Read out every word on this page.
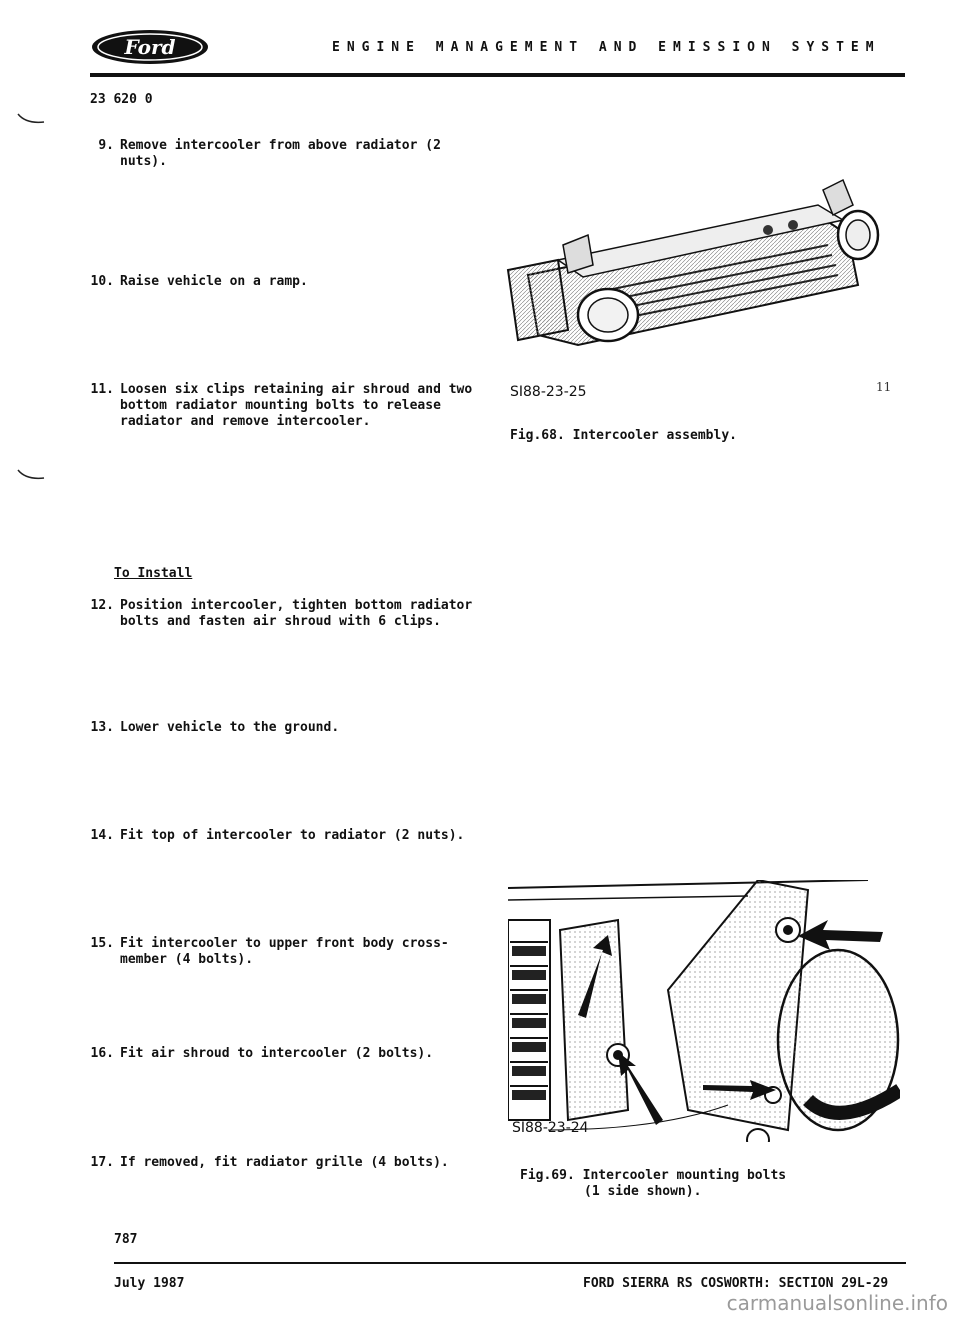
Ford	ENGINE MANAGEMENT AND EMISSION SYSTEM
23 620 0
9. Remove intercooler from above radiator (2
nuts).
10. Raise vehicle on a ramp.
11. Loosen six clips retaining air shroud and two
bottom radiator mounting bolts to release
radiator and remove intercooler.
To Install
12. Position intercooler, tighten bottom radiator
bolts and fasten air shroud with 6 clips.
13. Lower vehicle to the ground.
14. Fit top of intercooler to radiator (2 nuts).
15. Fit intercooler to upper front body cross-
member (4 bolts).
16. Fit air shroud to intercooler (2 bolts).
17. If removed, fit radiator grille (4 bolts).
SI88-23-25	11
Fig.68. Intercooler assembly.
SI88-23-24
Fig.69. Intercooler mounting bolts
(1 side shown).
787
July 1987	FORD SIERRA RS COSWORTH: SECTION 29L-29
carmanualsonline.info
